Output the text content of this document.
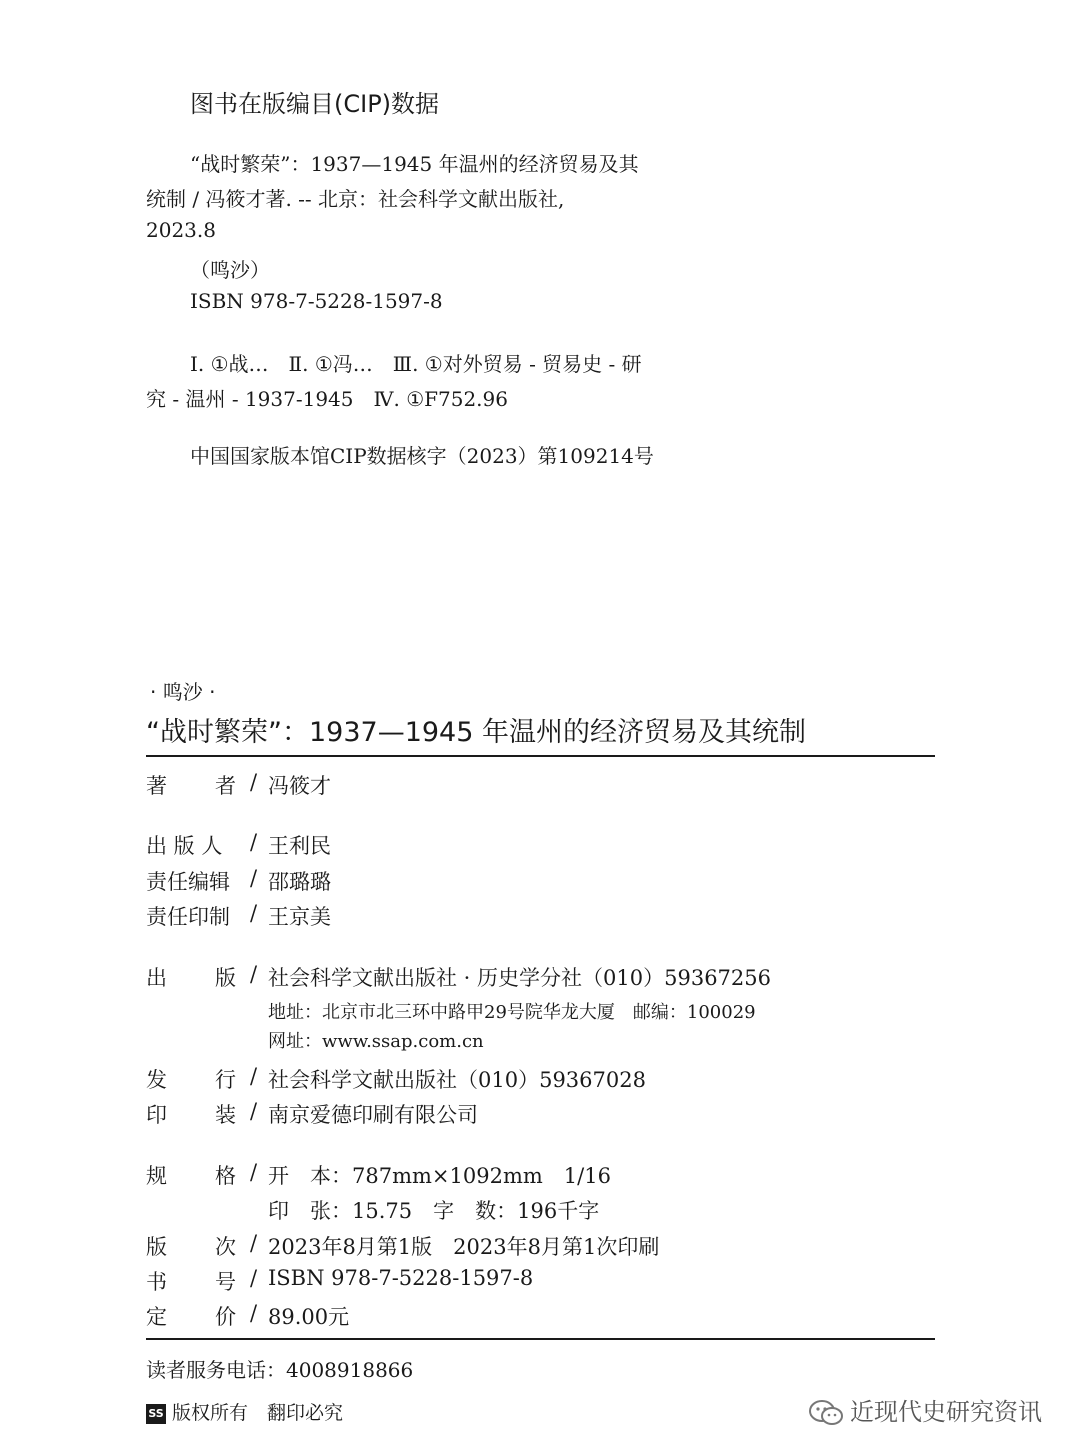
图书在版编目(CIP)数据
“战时繁荣”：1937—1945 年温州的经济贸易及其
统制 / 冯筱才著. -- 北京：社会科学文献出版社,
2023.8
（鸣沙）
ISBN 978-7-5228-1597-8
Ⅰ. ①战…　Ⅱ. ①冯…　Ⅲ. ①对外贸易 - 贸易史 - 研
究 - 温州 - 1937-1945　Ⅳ. ①F752.96
中国国家版本馆CIP数据核字（2023）第109214号
· 鸣沙 ·
“战时繁荣”：1937—1945 年温州的经济贸易及其统制
著 者 / 冯筱才
出 版 人 / 王利民
责任编辑 / 邵璐璐
责任印制 / 王京美
出 版 / 社会科学文献出版社 · 历史学分社（010）59367256
地址：北京市北三环中路甲29号院华龙大厦　邮编：100029
网址：www.ssap.com.cn
发 行 / 社会科学文献出版社（010）59367028
印 装 / 南京爱德印刷有限公司
规 格 / 开　本：787mm×1092mm　1/16
印　张：15.75　字　数：196千字
版 次 / 2023年8月第1版　2023年8月第1次印刷
书 号 / ISBN 978-7-5228-1597-8
定 价 / 89.00元
读者服务电话：4008918866
SS 版权所有　翻印必究	近现代史研究资讯
